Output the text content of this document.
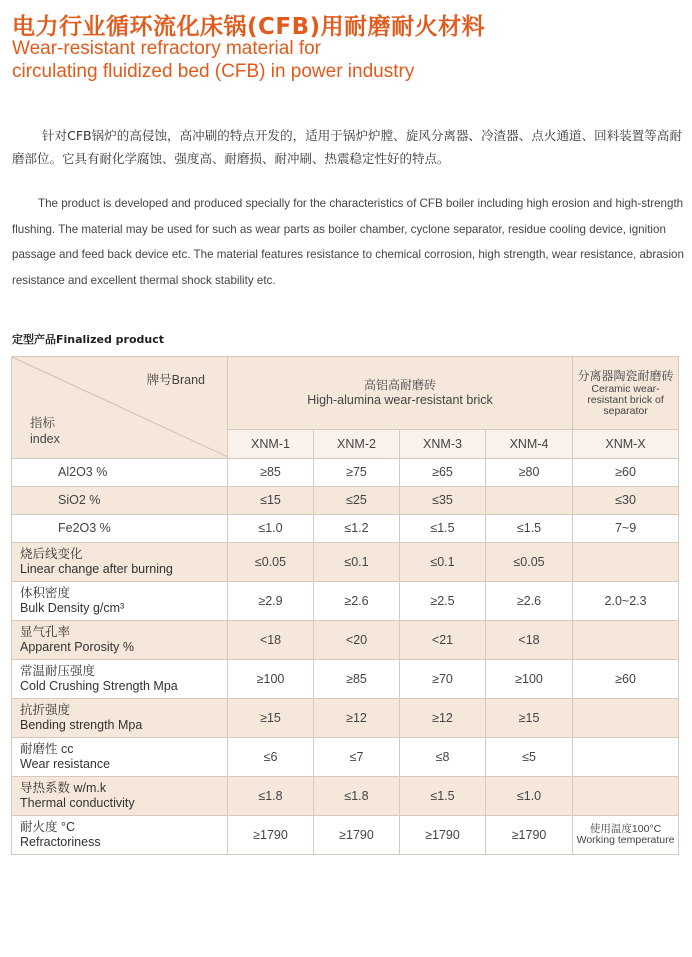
电力行业循环流化床锅(CFB)用耐磨耐火材料
Wear-resistant refractory material for
circulating fluidized bed (CFB) in power industry
针对CFB锅炉的高侵蚀，高冲刷的特点开发的，适用于锅炉炉膛、旋风分离器、冷渣器、点火通道、回料装置等高耐磨部位。它具有耐化学腐蚀、强度高、耐磨损、耐冲刷、热震稳定性好的特点。
The product is developed and produced specially for the characteristics of CFB boiler including high erosion and high-strength flushing. The material may be used for such as wear parts as boiler chamber, cyclone separator, residue cooling device, ignition passage and feed back device etc. The material features resistance to chemical corrosion, high strength, wear resistance, abrasion resistance and excellent thermal shock stability etc.
定型产品Finalized product
牌号Brand
指标
index	高铝高耐磨砖
High-alumina wear-resistant brick				分离器陶瓷耐磨砖
Ceramic wear-resistant brick of separator

	XNM-1	XNM-2	XNM-3	XNM-4	XNM-X
Al2O3 %	≥85	≥75	≥65	≥80	≥60
SiO2 %	≤15	≤25	≤35		≤30
Fe2O3 %	≤1.0	≤1.2	≤1.5	≤1.5	7~9

烧后线变化
Linear change after burning	≤0.05	≤0.1	≤0.1	≤0.05	

体积密度
Bulk Density g/cm³	≥2.9	≥2.6	≥2.5	≥2.6	2.0~2.3

显气孔率
Apparent Porosity %	<18	<20	<21	<18	

常温耐压强度
Cold Crushing Strength Mpa	≥100	≥85	≥70	≥100	≥60

抗折强度
Bending strength Mpa	≥15	≥12	≥12	≥15	

耐磨性 cc
Wear resistance	≤6	≤7	≤8	≤5	

导热系数 w/m.k
Thermal conductivity	≤1.8	≤1.8	≤1.5	≤1.0	

耐火度 °C
Refractoriness	≥1790	≥1790	≥1790	≥1790	使用温度100°C
Working temperature
